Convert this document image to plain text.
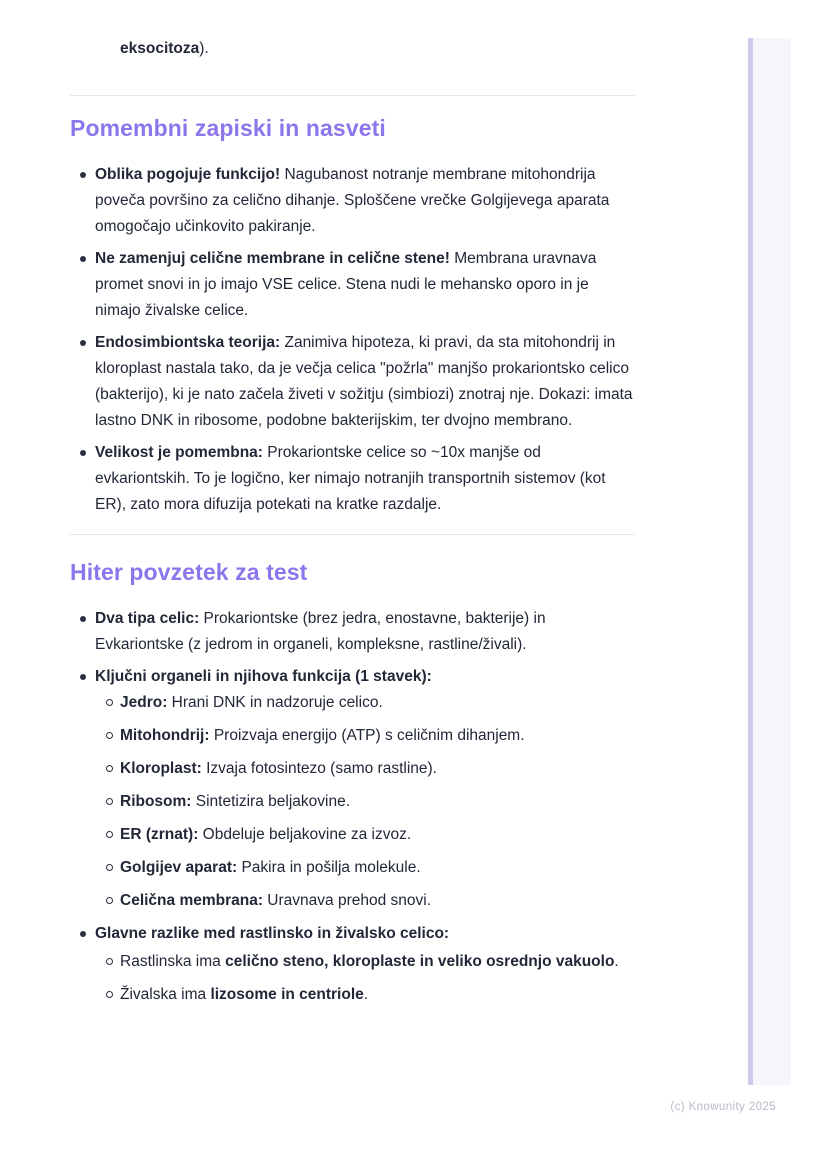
eksocitoza).

Pomembni zapiski in nasveti
Oblika pogojuje funkcijo! Nagubanost notranje membrane mitohondrija poveča površino za celično dihanje. Sploščene vrečke Golgijevega aparata omogočajo učinkovito pakiranje.
Ne zamenjuj celične membrane in celične stene! Membrana uravnava promet snovi in jo imajo VSE celice. Stena nudi le mehansko oporo in je nimajo živalske celice.
Endosimbiontska teorija: Zanimiva hipoteza, ki pravi, da sta mitohondrij in kloroplast nastala tako, da je večja celica "požrla" manjšo prokariontsko celico (bakterijo), ki je nato začela živeti v sožitju (simbiozi) znotraj nje. Dokazi: imata lastno DNK in ribosome, podobne bakterijskim, ter dvojno membrano.
Velikost je pomembna: Prokariontske celice so ~10x manjše od evkariontskih. To je logično, ker nimajo notranjih transportnih sistemov (kot ER), zato mora difuzija potekati na kratke razdalje.
Hiter povzetek za test
Dva tipa celic: Prokariontske (brez jedra, enostavne, bakterije) in Evkariontske (z jedrom in organeli, kompleksne, rastline/živali).
Ključni organeli in njihova funkcija (1 stavek):
Jedro: Hrani DNK in nadzoruje celico.
Mitohondrij: Proizvaja energijo (ATP) s celičnim dihanjem.
Kloroplast: Izvaja fotosintezo (samo rastline).
Ribosom: Sintetizira beljakovine.
ER (zrnat): Obdeluje beljakovine za izvoz.
Golgijev aparat: Pakira in pošilja molekule.
Celična membrana: Uravnava prehod snovi.
Glavne razlike med rastlinsko in živalsko celico:
Rastlinska ima celično steno, kloroplaste in veliko osrednjo vakuolo.
Živalska ima lizosome in centriole.
(c) Knowunity 2025
